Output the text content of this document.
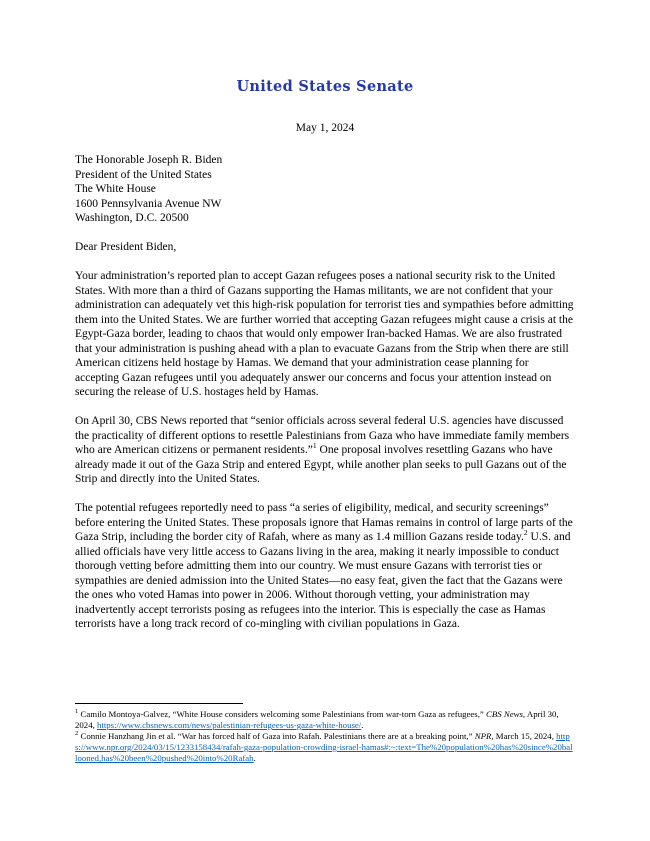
United States Senate
May 1, 2024
The Honorable Joseph R. Biden
President of the United States
The White House
1600 Pennsylvania Avenue NW
Washington, D.C. 20500
Dear President Biden,

Your administration’s reported plan to accept Gazan refugees poses a national security risk to the United States. With more than a third of Gazans supporting the Hamas militants, we are not confident that your administration can adequately vet this high-risk population for terrorist ties and sympathies before admitting them into the United States. We are further worried that accepting Gazan refugees might cause a crisis at the Egypt-Gaza border, leading to chaos that would only empower Iran-backed Hamas. We are also frustrated that your administration is pushing ahead with a plan to evacuate Gazans from the Strip when there are still American citizens held hostage by Hamas. We demand that your administration cease planning for accepting Gazan refugees until you adequately answer our concerns and focus your attention instead on securing the release of U.S. hostages held by Hamas.

On April 30, CBS News reported that “senior officials across several federal U.S. agencies have discussed the practicality of different options to resettle Palestinians from Gaza who have immediate family members who are American citizens or permanent residents.”$^1$ One proposal involves resettling Gazans who have already made it out of the Gaza Strip and entered Egypt, while another plan seeks to pull Gazans out of the Strip and directly into the United States.

The potential refugees reportedly need to pass “a series of eligibility, medical, and security screenings” before entering the United States. These proposals ignore that Hamas remains in control of large parts of the Gaza Strip, including the border city of Rafah, where as many as 1.4 million Gazans reside today.$^2$ U.S. and allied officials have very little access to Gazans living in the area, making it nearly impossible to conduct thorough vetting before admitting them into our country. We must ensure Gazans with terrorist ties or sympathies are denied admission into the United States—no easy feat, given the fact that the Gazans were the ones who voted Hamas into power in 2006. Without thorough vetting, your administration may inadvertently accept terrorists posing as refugees into the interior. This is especially the case as Hamas terrorists have a long track record of co-mingling with civilian populations in Gaza.

$^1$ Camilo Montoya-Galvez, “White House considers welcoming some Palestinians from war-torn Gaza as refugees,” CBS News, April 30, 2024, https://www.cbsnews.com/news/palestinian-refugees-us-gaza-white-house/.

$^2$ Connie Hanzhang Jin et al. “War has forced half of Gaza into Rafah. Palestinians there are at a breaking point,” NPR, March 15, 2024, https://www.npr.org/2024/03/15/1233158434/rafah-gaza-population-crowding-israel-hamas#:~:text=The%20population%20has%20since%20ballooned,has%20been%20pushed%20into%20Rafah.
